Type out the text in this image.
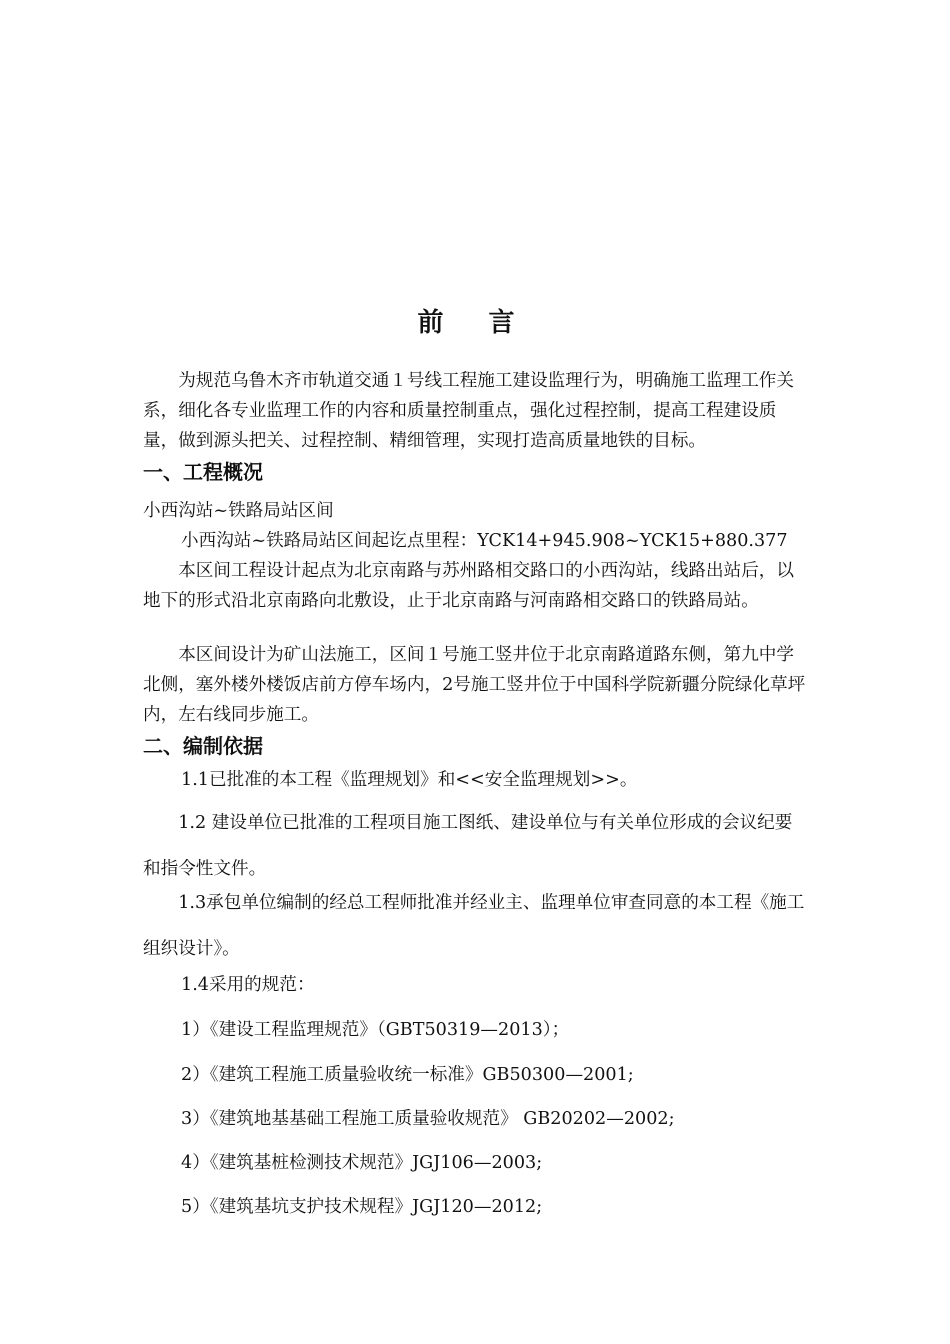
前 言

为规范乌鲁木齐市轨道交通１号线工程施工建设监理行为，明确施工监理工作关系，细化各专业监理工作的内容和质量控制重点，强化过程控制，提高工程建设质量，做到源头把关、过程控制、精细管理，实现打造高质量地铁的目标。

一、工程概况
小西沟站~铁路局站区间
小西沟站~铁路局站区间起讫点里程：YCK14+945.908~YCK15+880.377

本区间工程设计起点为北京南路与苏州路相交路口的小西沟站，线路出站后，以地下的形式沿北京南路向北敷设，止于北京南路与河南路相交路口的铁路局站。

本区间设计为矿山法施工，区间１号施工竖井位于北京南路道路东侧，第九中学北侧，塞外楼外楼饭店前方停车场内，2号施工竖井位于中国科学院新疆分院绿化草坪内，左右线同步施工。

二、编制依据
1.1已批准的本工程《监理规划》和<<安全监理规划>>。

1.2 建设单位已批准的工程项目施工图纸、建设单位与有关单位形成的会议纪要和指令性文件。

1.3承包单位编制的经总工程师批准并经业主、监理单位审查同意的本工程《施工组织设计》。

1.4采用的规范：
1）《建设工程监理规范》（GBT50319—2013）；
2）《建筑工程施工质量验收统一标准》GB50300—2001;
3）《建筑地基基础工程施工质量验收规范》 GB20202—2002;
4）《建筑基桩检测技术规范》JGJ106—2003;
5）《建筑基坑支护技术规程》JGJ120—2012;
